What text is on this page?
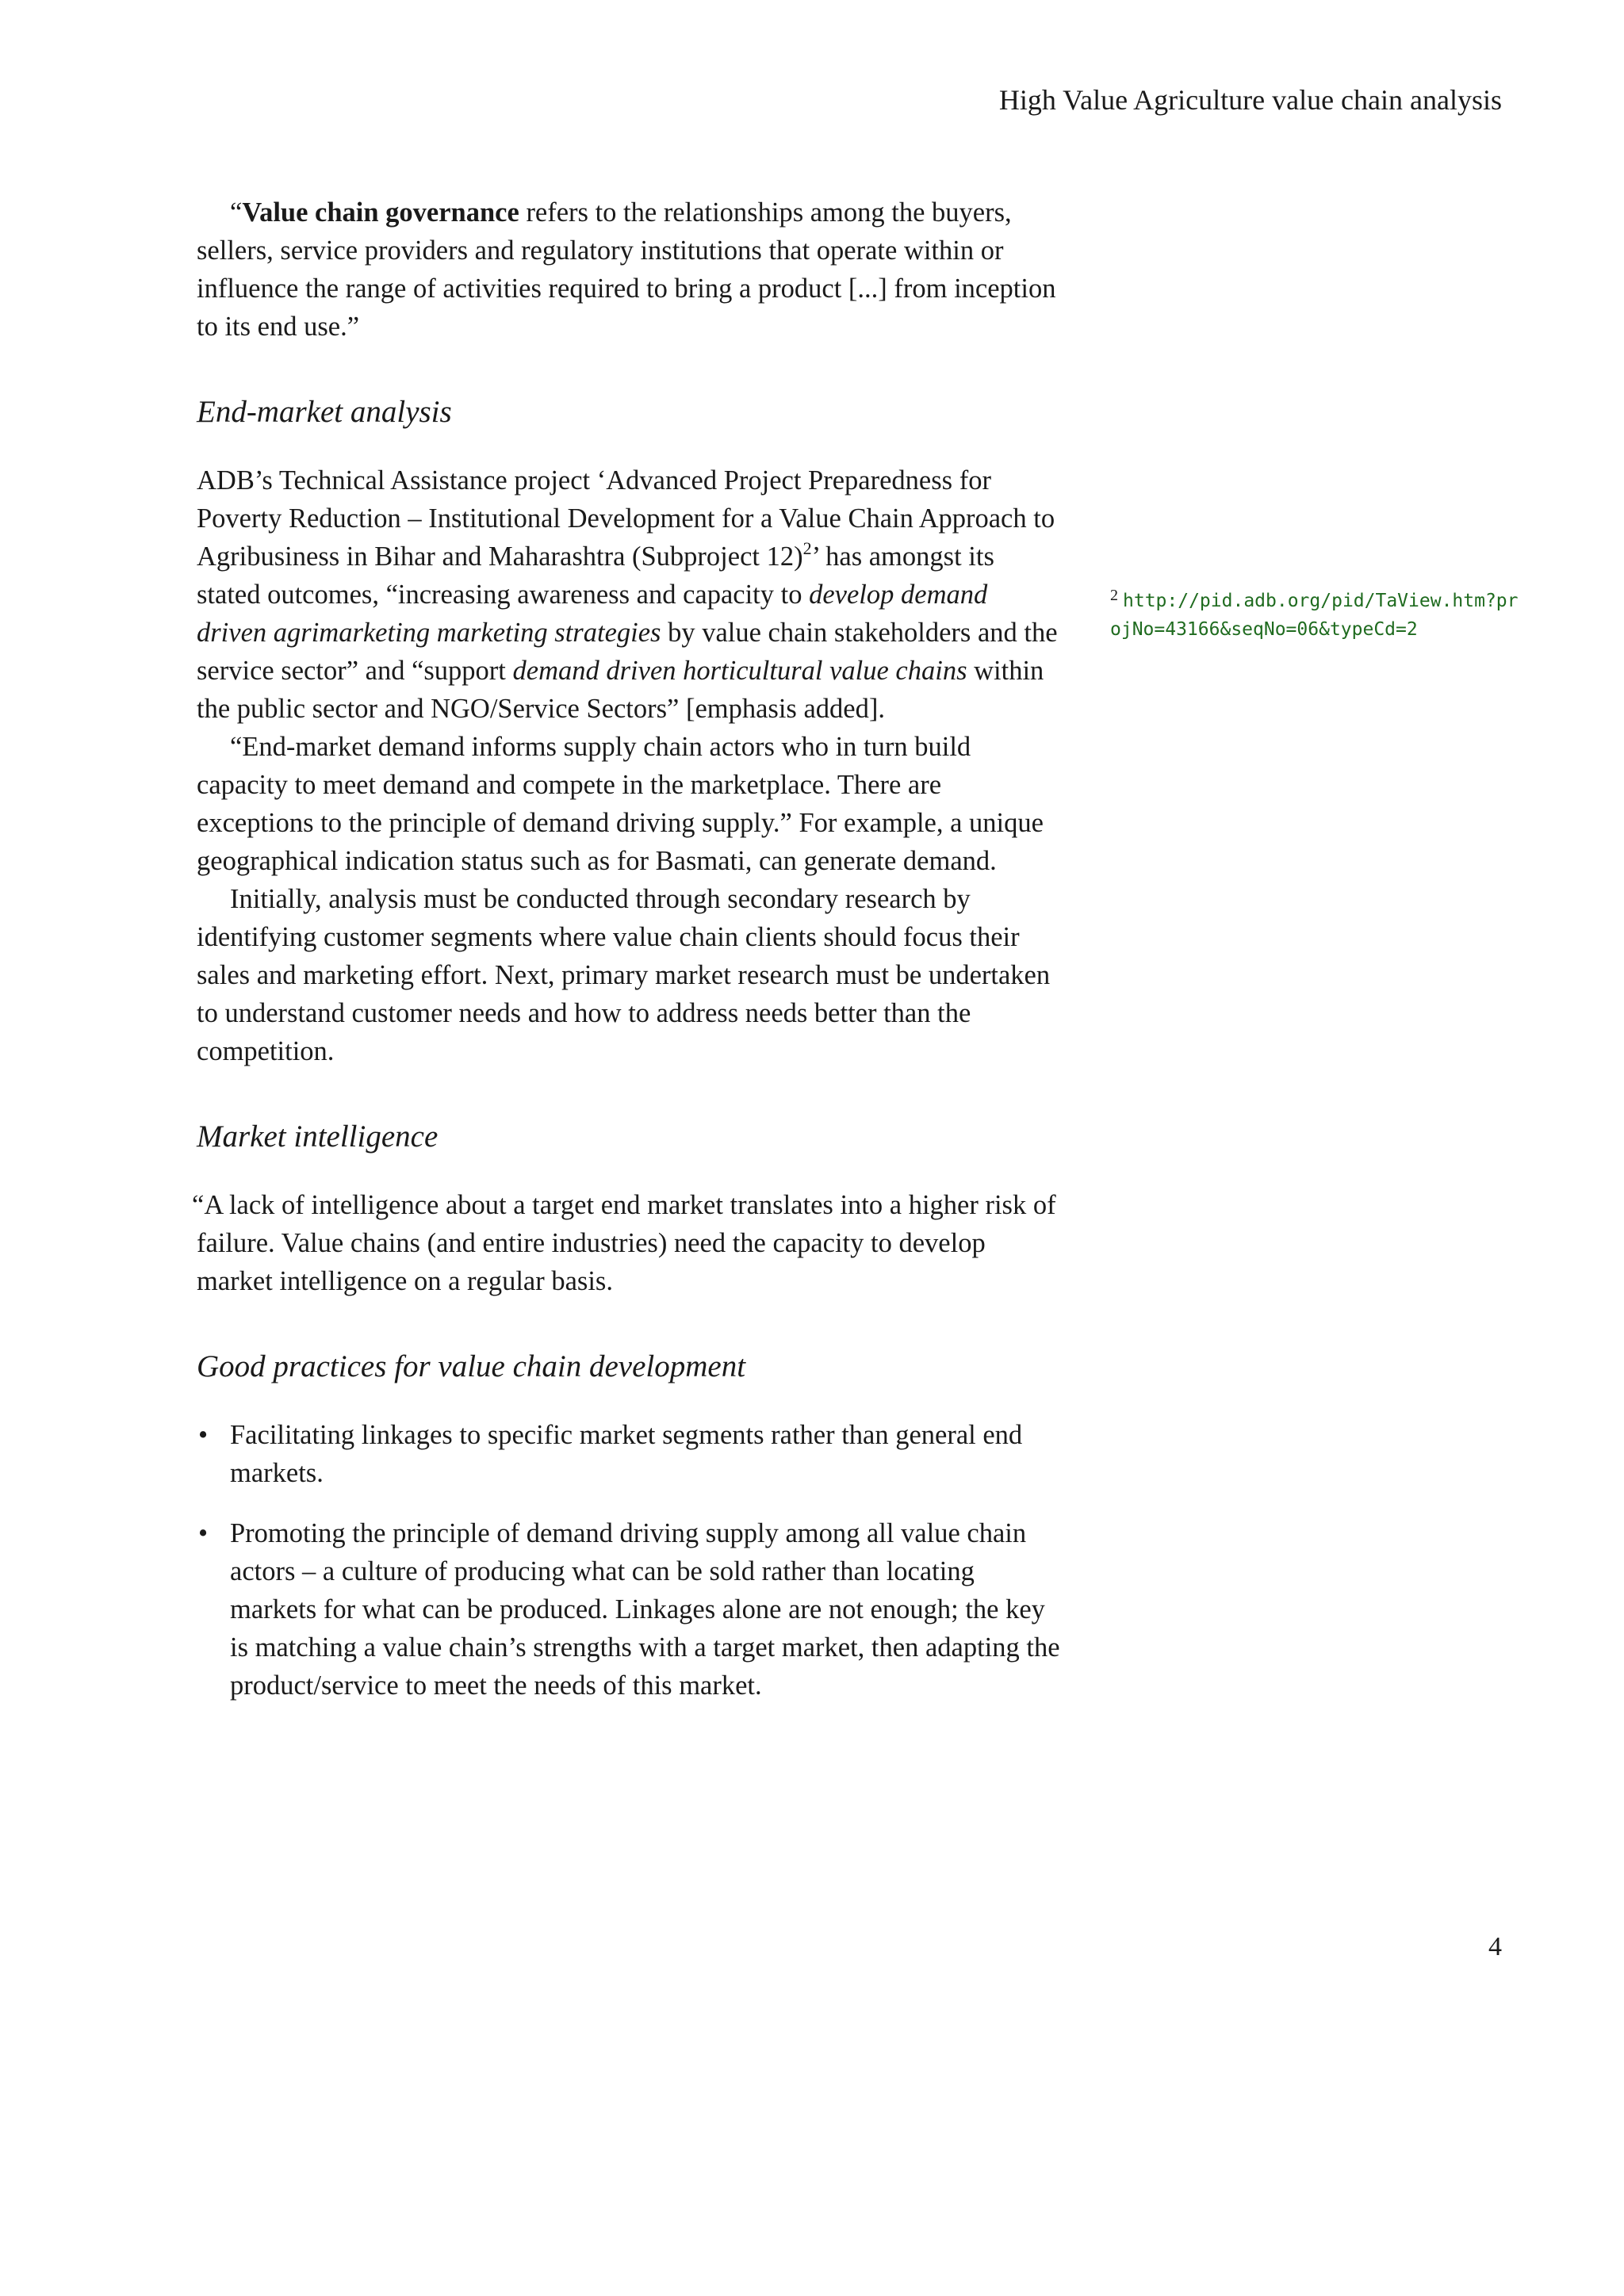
High Value Agriculture value chain analysis

“Value chain governance refers to the relationships among the buyers, sellers, service providers and regulatory institutions that operate within or influence the range of activities required to bring a product [...] from inception to its end use.”

End-market analysis

ADB’s Technical Assistance project ‘Advanced Project Preparedness for Poverty Reduction – Institutional Development for a Value Chain Approach to Agribusiness in Bihar and Maharashtra (Subproject 12)$^2$’ has amongst its stated outcomes, “increasing awareness and capacity to develop demand driven agrimarketing marketing strategies by value chain stakeholders and the service sector” and “support demand driven horticultural value chains within the public sector and NGO/Service Sectors” [emphasis added].

“End-market demand informs supply chain actors who in turn build capacity to meet demand and compete in the marketplace. There are exceptions to the principle of demand driving supply.” For example, a unique geographical indication status such as for Basmati, can generate demand.

Initially, analysis must be conducted through secondary research by identifying customer segments where value chain clients should focus their sales and marketing effort. Next, primary market research must be undertaken to understand customer needs and how to address needs better than the competition.

Market intelligence

“A lack of intelligence about a target end market translates into a higher risk of failure. Value chains (and entire industries) need the capacity to develop market intelligence on a regular basis.

Good practices for value chain development
• Facilitating linkages to specific market segments rather than general end markets.
• Promoting the principle of demand driving supply among all value chain actors – a culture of producing what can be sold rather than locating markets for what can be produced. Linkages alone are not enough; the key is matching a value chain’s strengths with a target market, then adapting the product/service to meet the needs of this market.
$^2$ http://pid.adb.org/pid/TaView.htm?projNo=43166&seqNo=06&typeCd=2
4
